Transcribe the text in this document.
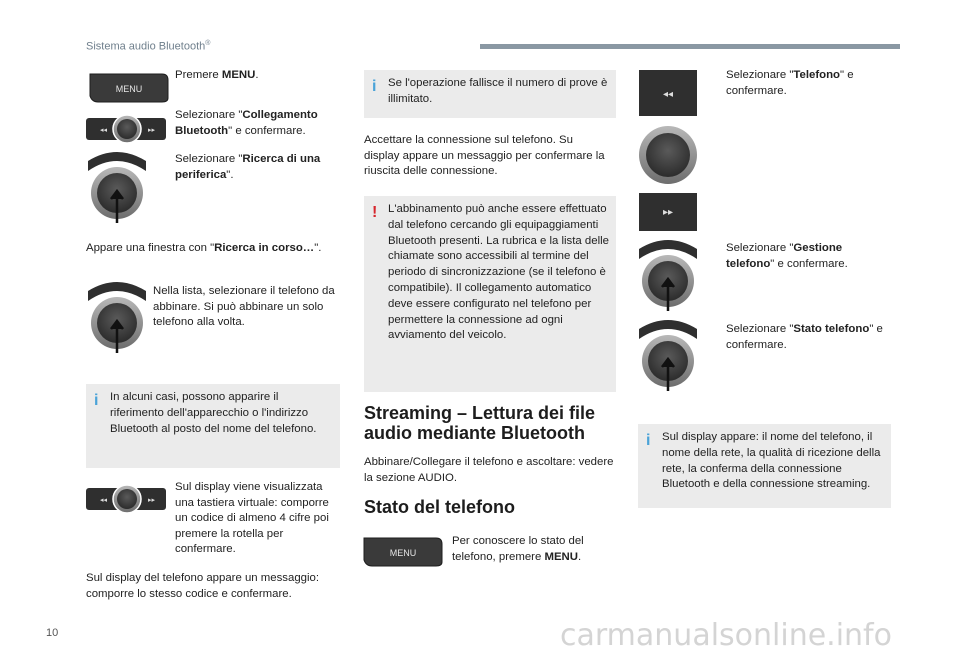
Sistema audio Bluetooth®
MENU
Premere MENU.
◂◂	▸▸
Selezionare "Collegamento Bluetooth" e confermare.
Selezionare "Ricerca di una periferica".
Appare una finestra con "Ricerca in corso…".
Nella lista, selezionare il telefono da abbinare. Si può abbinare un solo telefono alla volta.
i In alcuni casi, possono apparire il riferimento dell'apparecchio o l'indirizzo Bluetooth al posto del nome del telefono.
◂◂	▸▸
Sul display viene visualizzata una tastiera virtuale: comporre un codice di almeno 4 cifre poi premere la rotella per confermare.
Sul display del telefono appare un messaggio: comporre lo stesso codice e confermare.
10
i Se l'operazione fallisce il numero di prove è illimitato.
Accettare la connessione sul telefono. Su display appare un messaggio per confermare la riuscita delle connessione.
! L'abbinamento può anche essere effettuato dal telefono cercando gli equipaggiamenti Bluetooth presenti. La rubrica e la lista delle chiamate sono accessibili al termine del periodo di sincronizzazione (se il telefono è compatibile). Il collegamento automatico deve essere configurato nel telefono per permettere la connessione ad ogni avviamento del veicolo.
Streaming – Lettura dei file audio mediante Bluetooth
Abbinare/Collegare il telefono e ascoltare: vedere la sezione AUDIO.
Stato del telefono
MENU
Per conoscere lo stato del telefono, premere MENU.
◂◂
Selezionare "Telefono" e confermare.
▸▸
Selezionare "Gestione telefono" e confermare.
Selezionare "Stato telefono" e confermare.
i Sul display appare: il nome del telefono, il nome della rete, la qualità di ricezione della rete, la conferma della connessione Bluetooth e della connessione streaming.
carmanualsonline.info
